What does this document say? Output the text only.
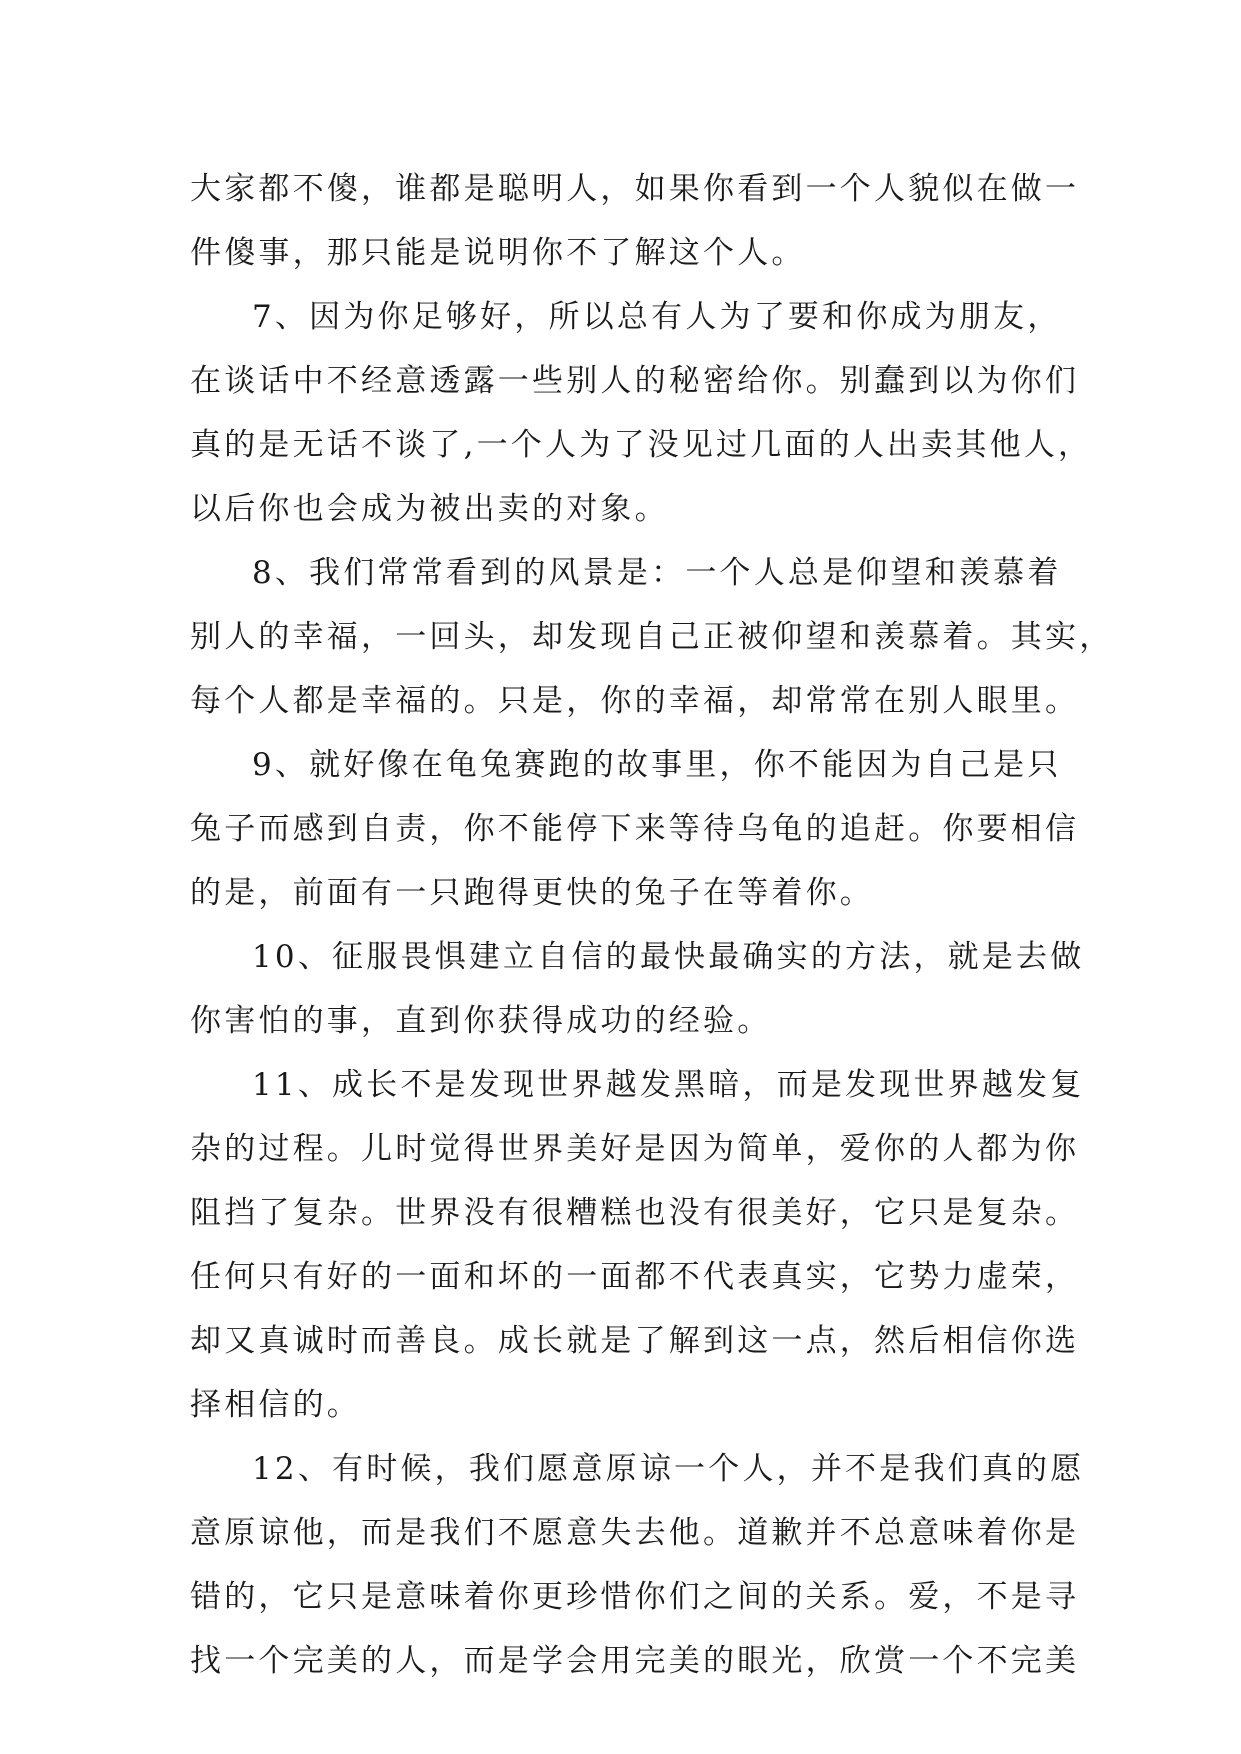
大家都不傻，谁都是聪明人，如果你看到一个人貌似在做一
件傻事，那只能是说明你不了解这个人。
7、因为你足够好，所以总有人为了要和你成为朋友，
在谈话中不经意透露一些别人的秘密给你。别蠢到以为你们
真的是无话不谈了,一个人为了没见过几面的人出卖其他人，
以后你也会成为被出卖的对象。
8、我们常常看到的风景是：一个人总是仰望和羡慕着
别人的幸福，一回头，却发现自己正被仰望和羡慕着。其实，
每个人都是幸福的。只是，你的幸福，却常常在别人眼里。
9、就好像在龟兔赛跑的故事里，你不能因为自己是只
兔子而感到自责，你不能停下来等待乌龟的追赶。你要相信
的是，前面有一只跑得更快的兔子在等着你。
10、征服畏惧建立自信的最快最确实的方法，就是去做
你害怕的事，直到你获得成功的经验。
11、成长不是发现世界越发黑暗，而是发现世界越发复
杂的过程。儿时觉得世界美好是因为简单，爱你的人都为你
阻挡了复杂。世界没有很糟糕也没有很美好，它只是复杂。
任何只有好的一面和坏的一面都不代表真实，它势力虚荣，
却又真诚时而善良。成长就是了解到这一点，然后相信你选
择相信的。
12、有时候，我们愿意原谅一个人，并不是我们真的愿
意原谅他，而是我们不愿意失去他。道歉并不总意味着你是
错的，它只是意味着你更珍惜你们之间的关系。爱，不是寻
找一个完美的人，而是学会用完美的眼光，欣赏一个不完美
